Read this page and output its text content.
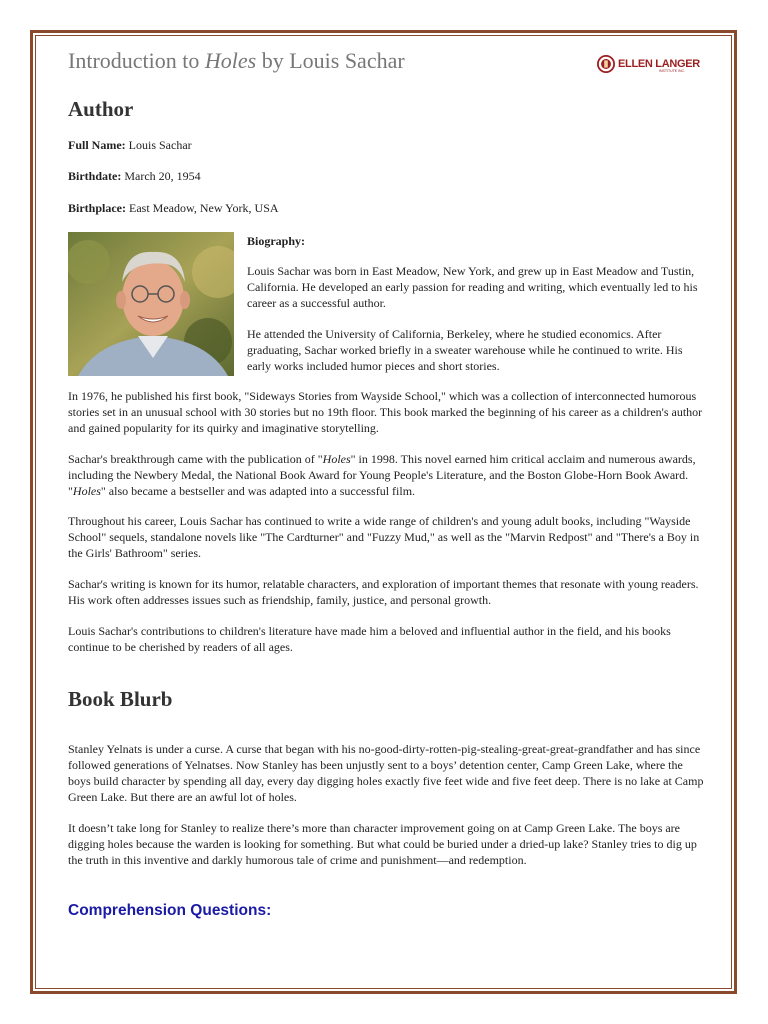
Introduction to Holes by Louis Sachar	ELLEN LANGER
INSTITUTE INC.
Author
Full Name: Louis Sachar
Birthdate: March 20, 1954
Birthplace: East Meadow, New York, USA
Biography:
Louis Sachar was born in East Meadow, New York, and grew up in East Meadow and Tustin, California. He developed an early passion for reading and writing, which eventually led to his career as a successful author.
He attended the University of California, Berkeley, where he studied economics. After graduating, Sachar worked briefly in a sweater warehouse while he continued to write. His early works included humor pieces and short stories.
In 1976, he published his first book, "Sideways Stories from Wayside School," which was a collection of interconnected humorous stories set in an unusual school with 30 stories but no 19th floor. This book marked the beginning of his career as a children's author and gained popularity for its quirky and imaginative storytelling.
Sachar's breakthrough came with the publication of "Holes" in 1998. This novel earned him critical acclaim and numerous awards, including the Newbery Medal, the National Book Award for Young People's Literature, and the Boston Globe-Horn Book Award. "Holes" also became a bestseller and was adapted into a successful film.
Throughout his career, Louis Sachar has continued to write a wide range of children's and young adult books, including "Wayside School" sequels, standalone novels like "The Cardturner" and "Fuzzy Mud," as well as the "Marvin Redpost" and "There's a Boy in the Girls' Bathroom" series.
Sachar's writing is known for its humor, relatable characters, and exploration of important themes that resonate with young readers. His work often addresses issues such as friendship, family, justice, and personal growth.
Louis Sachar's contributions to children's literature have made him a beloved and influential author in the field, and his books continue to be cherished by readers of all ages.
Book Blurb
Stanley Yelnats is under a curse. A curse that began with his no-good-dirty-rotten-pig-stealing-great-great-grandfather and has since followed generations of Yelnatses. Now Stanley has been unjustly sent to a boys’ detention center, Camp Green Lake, where the boys build character by spending all day, every day digging holes exactly five feet wide and five feet deep. There is no lake at Camp Green Lake. But there are an awful lot of holes.
It doesn’t take long for Stanley to realize there’s more than character improvement going on at Camp Green Lake. The boys are digging holes because the warden is looking for something. But what could be buried under a dried-up lake? Stanley tries to dig up the truth in this inventive and darkly humorous tale of crime and punishment—and redemption.
Comprehension Questions:
